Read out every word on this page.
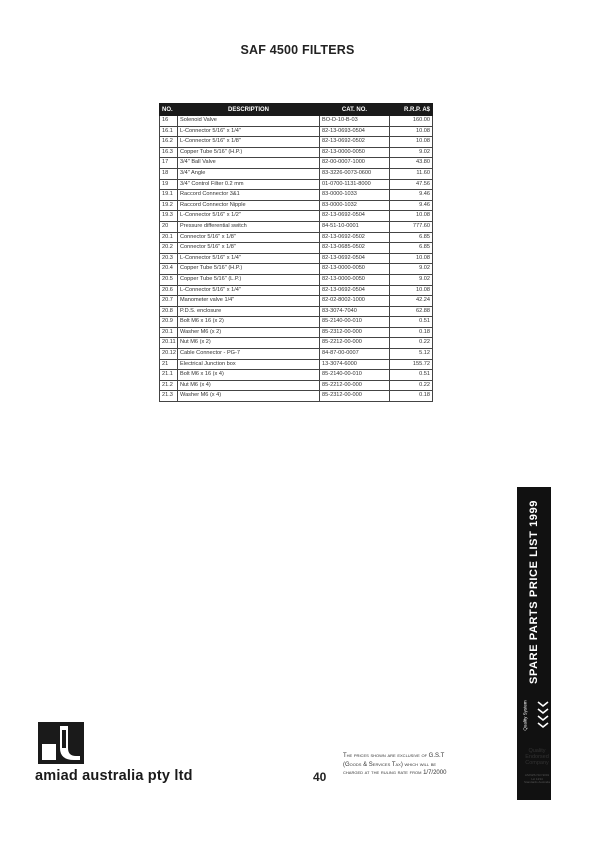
SAF 4500 FILTERS
NO.	DESCRIPTION	CAT. NO.	R.R.P. A$
16	Solenoid Valve	BO-D-10-B-03	160.00
16.1	L-Connector 5/16" x 1/4"	82-13-0693-0504	10.08
16.2	L-Connector 5/16" x 1/8"	82-13-0692-0502	10.08
16.3	Copper Tube 5/16" (H.P.)	82-13-0000-0050	9.02
17	3/4" Ball Valve	82-00-0007-1000	43.80
18	3/4" Angle	83-3226-0073-0600	11.60
19	3/4" Control Filter 0.2 mm	01-0700-1131-8000	47.56
19.1	Raccord Connector 3&1	83-0000-1033	9.46
19.2	Raccord Connector Nipple	83-0000-1032	9.46
19.3	L-Connector 5/16" x 1/2"	82-13-0692-0504	10.08
20	Pressure differential switch	84-51-10-0001	777.60
20.1	Connector 5/16" x 1/8"	82-13-0692-0502	6.85
20.2	Connector 5/16" x 1/8"	82-13-0685-0502	6.85
20.3	L-Connector 5/16" x 1/4"	82-13-0692-0504	10.08
20.4	Copper Tube 5/16" (H.P.)	82-13-0000-0050	9.02
20.5	Copper Tube 5/16" (L.P.)	82-13-0000-0050	9.02
20.6	L-Connector 5/16" x 1/4"	82-13-0692-0504	10.08
20.7	Manometer valve 1/4"	82-02-8002-1000	42.24
20.8	P.D.S. enclosure	83-3074-7040	62.88
20.9	Bolt M6 x 16 (x 2)	85-2140-00-010	0.51
20.1	Washer M6 (x 2)	85-2312-00-000	0.18
20.11	Nut M6 (x 2)	85-2212-00-000	0.22
20.12	Cable Connector - PG-7	84-87-00-0007	5.12
21	Electrical Junction box	13-3074-6000	155.72
21.1	Bolt M6 x 16 (x 4)	85-2140-00-010	0.51
21.2	Nut M6 (x 4)	85-2212-00-000	0.22
21.3	Washer M6 (x 4)	85-2312-00-000	0.18
SPARE PARTS PRICE LIST 1999
Quality System
Quality
Endorsed
Company
AS/NZS ISO 9001
Lic 1234
Standards Australia
amiad australia pty ltd	40
The prices shown are exclusive of G.S.T
(Goods & Services Tax) which will be
charged at the ruling rate from 1/7/2000
